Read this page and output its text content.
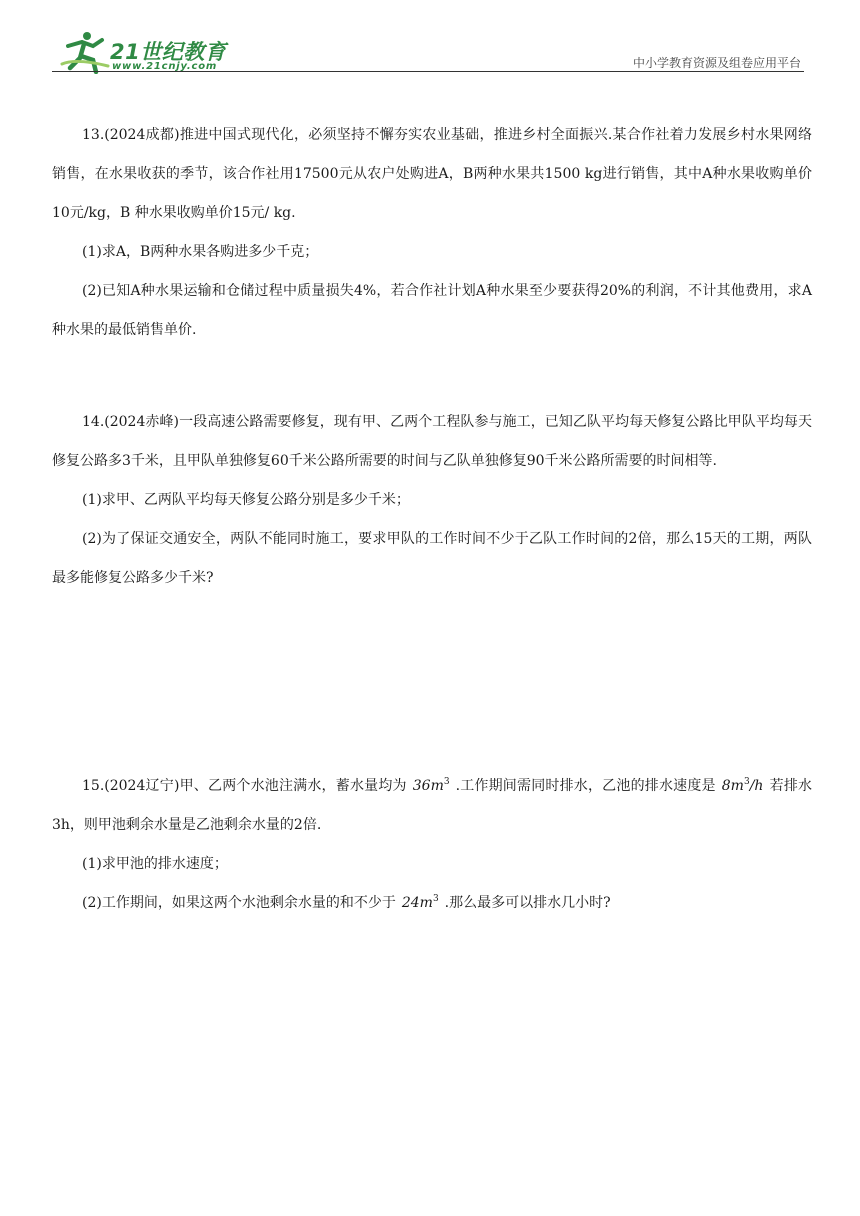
21世纪教育
www.21cnjy.com	中小学教育资源及组卷应用平台

13.(2024成都)推进中国式现代化，必须坚持不懈夯实农业基础，推进乡村全面振兴.某合作社着力发展乡村水果网络销售，在水果收获的季节，该合作社用17500元从农户处购进A，B两种水果共1500 kg进行销售，其中A种水果收购单价10元/kg，B 种水果收购单价15元/ kg.

(1)求A，B两种水果各购进多少千克；

(2)已知A种水果运输和仓储过程中质量损失4%，若合作社计划A种水果至少要获得20%的利润，不计其他费用，求A种水果的最低销售单价.

14.(2024赤峰)一段高速公路需要修复，现有甲、乙两个工程队参与施工，已知乙队平均每天修复公路比甲队平均每天修复公路多3千米，且甲队单独修复60千米公路所需要的时间与乙队单独修复90千米公路所需要的时间相等.

(1)求甲、乙两队平均每天修复公路分别是多少千米；

(2)为了保证交通安全，两队不能同时施工，要求甲队的工作时间不少于乙队工作时间的2倍，那么15天的工期，两队最多能修复公路多少千米?

15.(2024辽宁)甲、乙两个水池注满水，蓄水量均为 $36m^3$ .工作期间需同时排水，乙池的排水速度是 $8m^3/h$ 若排水3h，则甲池剩余水量是乙池剩余水量的2倍.

(1)求甲池的排水速度；

(2)工作期间，如果这两个水池剩余水量的和不少于 $24m^3$ .那么最多可以排水几小时?
